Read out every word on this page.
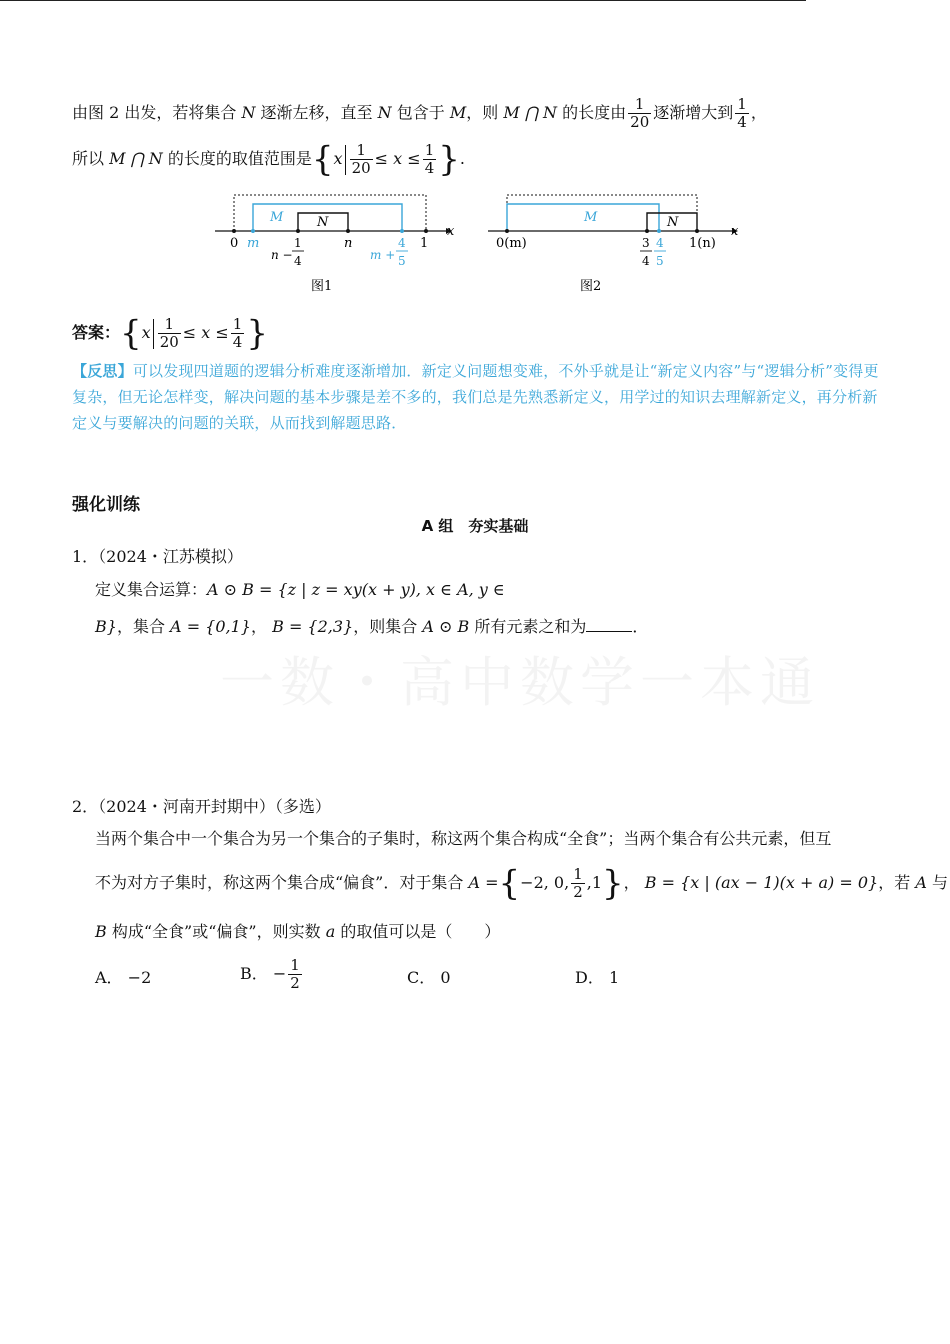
由图 2 出发，若将集合 N 逐渐左移，直至 N 包含于 M，则 M ⋂ N 的长度由 $\frac{1}{20}$ 逐渐增大到 $\frac{1}{4}$ ，
所以 M ⋂ N 的长度的取值范围是{$x \frac{1}{20} \le x \le \frac{1}{4}$ }.
x
M	N
0 m	n	1
n −
1
4	m +
4
5
图1
x
M	N
0(m)	1(n)
3
4
4
5
图2
答案：{$x \frac{1}{20} \le x \le \frac{1}{4}$ }
【反思】可以发现四道题的逻辑分析难度逐渐增加．新定义问题想变难，不外乎就是让“新定义内容”与“逻辑分析”变得更复杂，但无论怎样变，解决问题的基本步骤是差不多的，我们总是先熟悉新定义，用学过的知识去理解新定义，再分析新定义与要解决的问题的关联，从而找到解题思路．
强化训练
A 组　夯实基础
一数・高中数学一本通
1．（2024・江苏模拟）
定义集合运算：A ⊙ B = {z | z = xy(x + y), x ∈ A, y ∈
B}，集合 A = {0,1}， B = {2,3}，则集合 A ⊙ B 所有元素之和为	．
2．（2024・河南开封期中）（多选）
当两个集合中一个集合为另一个集合的子集时，称这两个集合构成“全食”；当两个集合有公共元素，但互
不为对方子集时，称这两个集合成“偏食”．对于集合 A ={−2, 0, $\frac{1}{2} ,1$}， B = {x | (ax − 1)(x + a) = 0}，若 A 与
B 构成“全食”或“偏食”，则实数 a 的取值可以是（　　）
A． −2	B． − $\frac{1}{2}$	C． 0	D． 1
